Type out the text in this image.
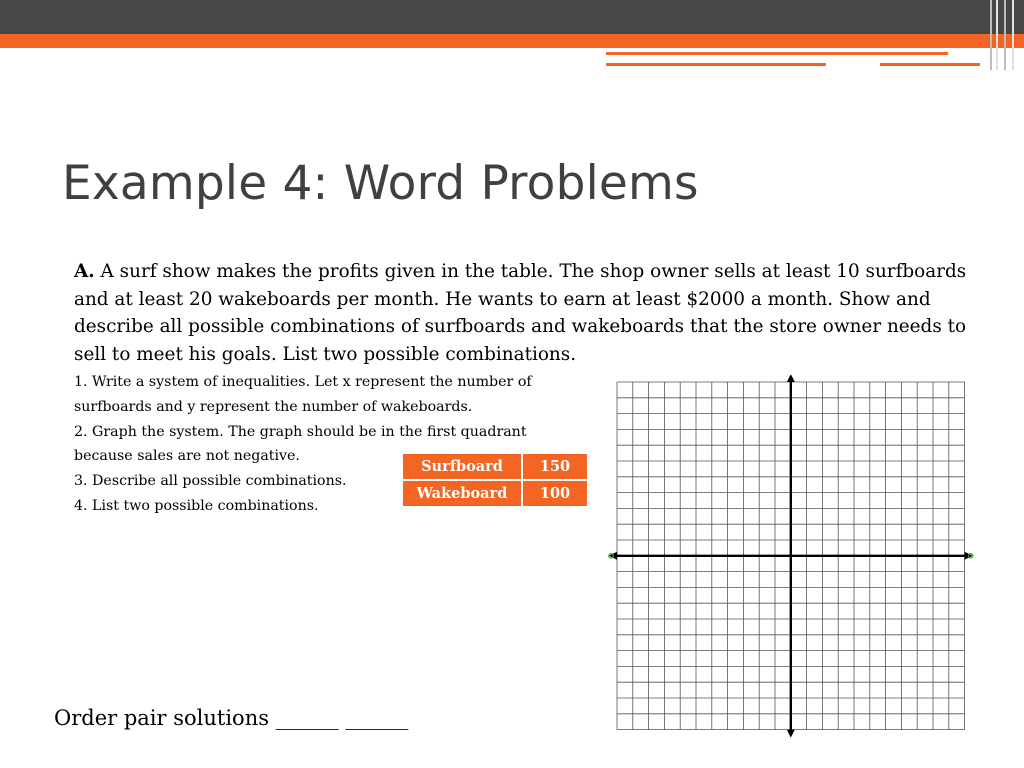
Example 4: Word Problems

A. A surf show makes the profits given in the table. The shop owner sells at least 10 surfboards and at least 20 wakeboards per month. He wants to earn at least $2000 a month. Show and describe all possible combinations of surfboards and wakeboards that the store owner needs to sell to meet his goals. List two possible combinations.

1. Write a system of inequalities. Let x represent the number of

surfboards and y represent the number of wakeboards.

2. Graph the system. The graph should be in the first quadrant

because sales are not negative.

3. Describe all possible combinations.

4. List two possible combinations.

Surfboard	150
Wakeboard	100

Order pair solutions ______ ______
